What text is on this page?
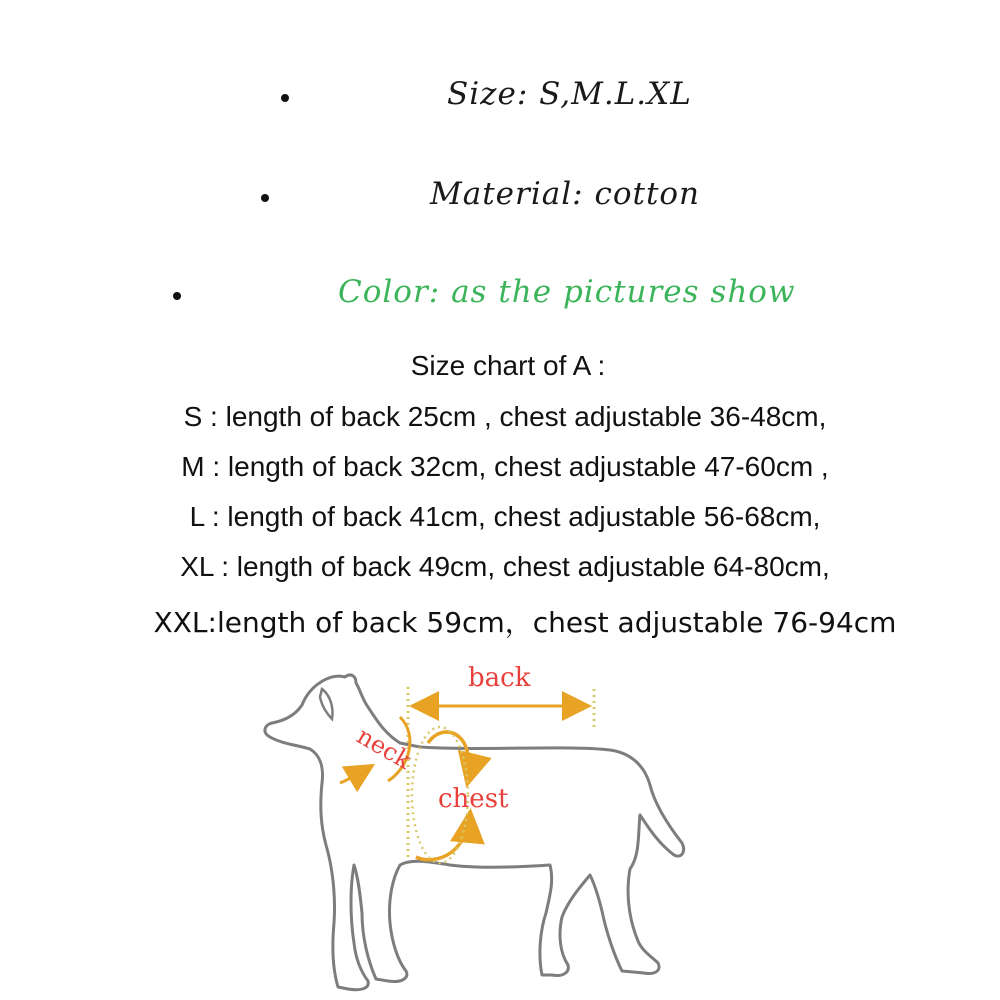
Size: S,M.L.XL
Material: cotton
Color: as the pictures show
Size chart of A :
S : length of back 25cm , chest adjustable 36-48cm,
M : length of back 32cm, chest adjustable 47-60cm ,
L : length of back 41cm, chest adjustable 56-68cm,
XL : length of back 49cm, chest adjustable 64-80cm,
XXL:length of back 59cm，chest adjustable 76-94cm
back
neck
chest
